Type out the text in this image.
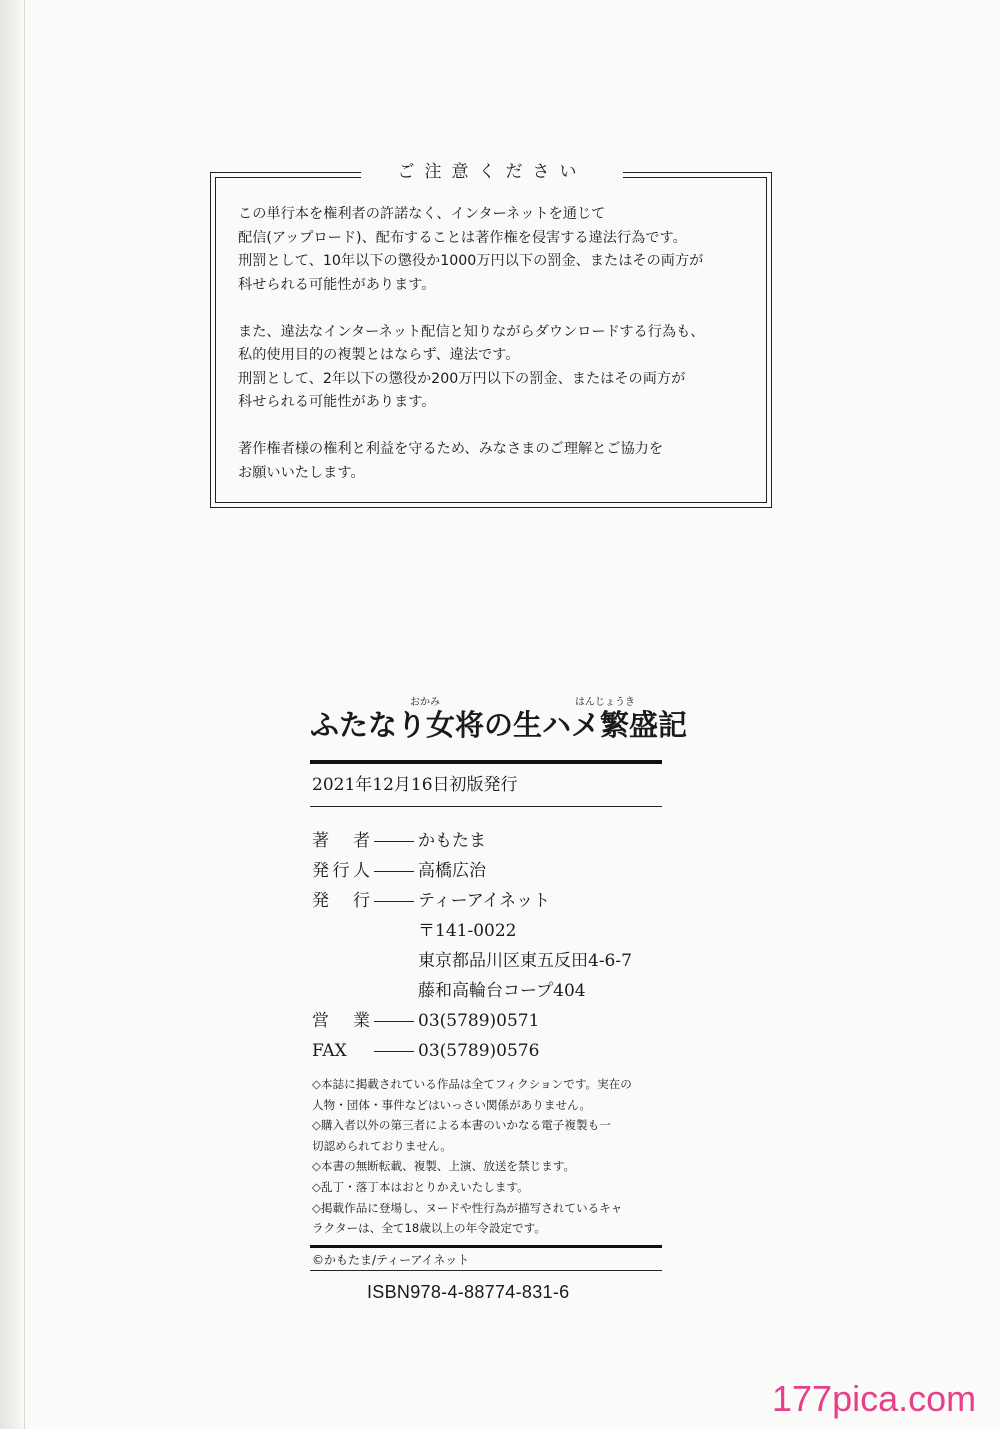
ご注意ください

この単行本を権利者の許諾なく、インターネットを通じて
配信(アップロード)、配布することは著作権を侵害する違法行為です。
刑罰として、10年以下の懲役か1000万円以下の罰金、またはその両方が
科せられる可能性があります。

また、違法なインターネット配信と知りながらダウンロードする行為も、
私的使用目的の複製とはならず、違法です。
刑罰として、2年以下の懲役か200万円以下の罰金、またはその両方が
科せられる可能性があります。

著作権者様の権利と利益を守るため、みなさまのご理解とご協力を
お願いいたします。

おかみ	はんじょうき
ふたなり女将の生ハメ繁盛記
2021年12月16日初版発行
著者	かもたま
発行人	高橋広治
発行	ティーアイネット
〒141-0022
東京都品川区東五反田4-6-7
藤和高輪台コープ404
営業	03(5789)0571
FAX	03(5789)0576
◇本誌に掲載されている作品は全てフィクションです。実在の
人物・団体・事件などはいっさい関係がありません。
◇購入者以外の第三者による本書のいかなる電子複製も一
切認められておりません。
◇本書の無断転載、複製、上演、放送を禁じます。
◇乱丁・落丁本はおとりかえいたします。
◇掲載作品に登場し、ヌードや性行為が描写されているキャ
ラクターは、全て18歳以上の年令設定です。
©かもたま/ティーアイネット
ISBN978-4-88774-831-6
177pica.com
